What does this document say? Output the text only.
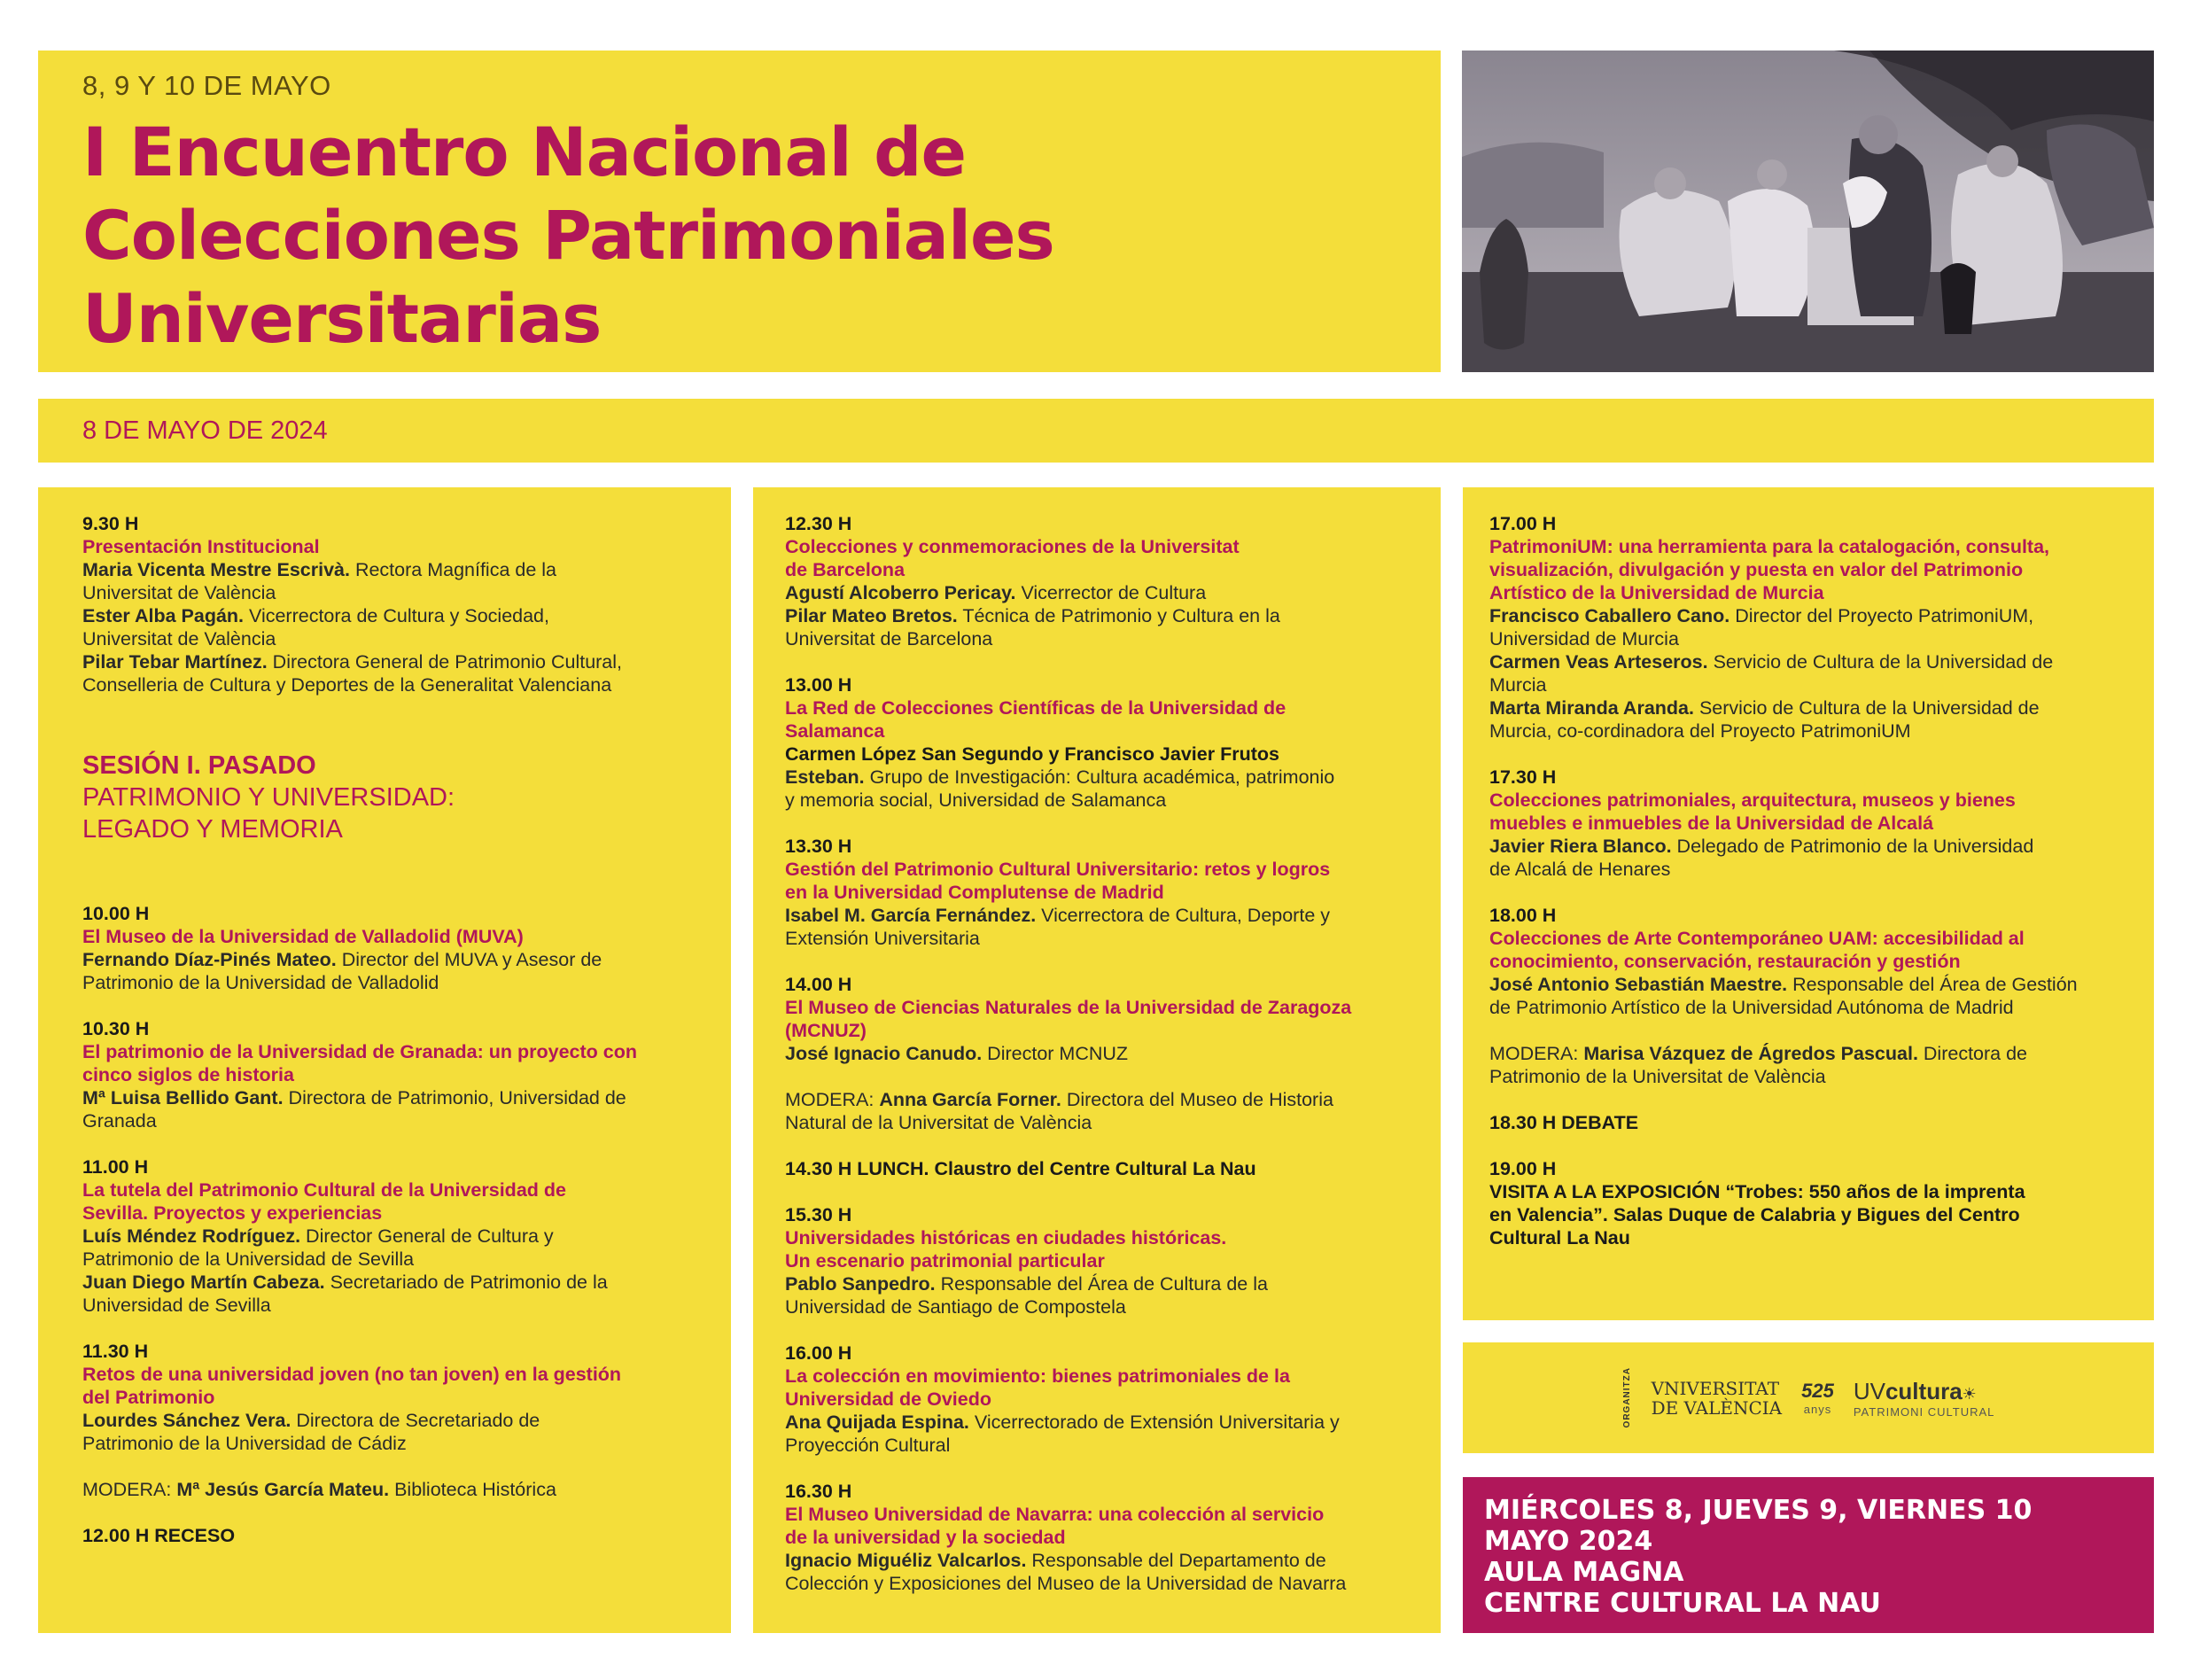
8, 9 Y 10 DE MAYO
I Encuentro Nacional de
Colecciones Patrimoniales
Universitarias
8 DE MAYO DE 2024
9.30 H
Presentación Institucional
Maria Vicenta Mestre Escrivà. Rectora Magnífica de la
Universitat de València
Ester Alba Pagán. Vicerrectora de Cultura y Sociedad,
Universitat de València
Pilar Tebar Martínez. Directora General de Patrimonio Cultural,
Conselleria de Cultura y Deportes de la Generalitat Valenciana
SESIÓN I. PASADO
PATRIMONIO Y UNIVERSIDAD:
LEGADO Y MEMORIA
10.00 H
El Museo de la Universidad de Valladolid (MUVA)
Fernando Díaz-Pinés Mateo. Director del MUVA y Asesor de
Patrimonio de la Universidad de Valladolid
10.30 H
El patrimonio de la Universidad de Granada: un proyecto con
cinco siglos de historia
Mª Luisa Bellido Gant. Directora de Patrimonio, Universidad de
Granada
11.00 H
La tutela del Patrimonio Cultural de la Universidad de
Sevilla. Proyectos y experiencias
Luís Méndez Rodríguez. Director General de Cultura y
Patrimonio de la Universidad de Sevilla
Juan Diego Martín Cabeza. Secretariado de Patrimonio de la
Universidad de Sevilla
11.30 H
Retos de una universidad joven (no tan joven) en la gestión
del Patrimonio
Lourdes Sánchez Vera. Directora de Secretariado de
Patrimonio de la Universidad de Cádiz
MODERA: Mª Jesús García Mateu. Biblioteca Histórica
12.00 H RECESO
12.30 H
Colecciones y conmemoraciones de la Universitat
de Barcelona
Agustí Alcoberro Pericay. Vicerrector de Cultura
Pilar Mateo Bretos. Técnica de Patrimonio y Cultura en la
Universitat de Barcelona
13.00 H
La Red de Colecciones Científicas de la Universidad de
Salamanca
Carmen López San Segundo y Francisco Javier Frutos
Esteban. Grupo de Investigación: Cultura académica, patrimonio
y memoria social, Universidad de Salamanca
13.30 H
Gestión del Patrimonio Cultural Universitario: retos y logros
en la Universidad Complutense de Madrid
Isabel M. García Fernández. Vicerrectora de Cultura, Deporte y
Extensión Universitaria
14.00 H
El Museo de Ciencias Naturales de la Universidad de Zaragoza
(MCNUZ)
José Ignacio Canudo. Director MCNUZ
MODERA: Anna García Forner. Directora del Museo de Historia
Natural de la Universitat de València
14.30 H LUNCH. Claustro del Centre Cultural La Nau
15.30 H
Universidades históricas en ciudades históricas.
Un escenario patrimonial particular
Pablo Sanpedro. Responsable del Área de Cultura de la
Universidad de Santiago de Compostela
16.00 H
La colección en movimiento: bienes patrimoniales de la
Universidad de Oviedo
Ana Quijada Espina. Vicerrectorado de Extensión Universitaria y
Proyección Cultural
16.30 H
El Museo Universidad de Navarra: una colección al servicio
de la universidad y la sociedad
Ignacio Miguéliz Valcarlos. Responsable del Departamento de
Colección y Exposiciones del Museo de la Universidad de Navarra
17.00 H
PatrimoniUM: una herramienta para la catalogación, consulta,
visualización, divulgación y puesta en valor del Patrimonio
Artístico de la Universidad de Murcia
Francisco Caballero Cano. Director del Proyecto PatrimoniUM,
Universidad de Murcia
Carmen Veas Arteseros. Servicio de Cultura de la Universidad de
Murcia
Marta Miranda Aranda. Servicio de Cultura de la Universidad de
Murcia, co-cordinadora del Proyecto PatrimoniUM
17.30 H
Colecciones patrimoniales, arquitectura, museos y bienes
muebles e inmuebles de la Universidad de Alcalá
Javier Riera Blanco. Delegado de Patrimonio de la Universidad
de Alcalá de Henares
18.00 H
Colecciones de Arte Contemporáneo UAM: accesibilidad al
conocimiento, conservación, restauración y gestión
José Antonio Sebastián Maestre. Responsable del Área de Gestión
de Patrimonio Artístico de la Universidad Autónoma de Madrid
MODERA: Marisa Vázquez de Ágredos Pascual. Directora de
Patrimonio de la Universitat de València
18.30 H DEBATE
19.00 H
VISITA A LA EXPOSICIÓN “Trobes: 550 años de la imprenta
en Valencia”. Salas Duque de Calabria y Bigues del Centro
Cultural La Nau
ORGANITZA VNIVERSITAT
DE VALÈNCIA
525
anys
UVcultura☀
PATRIMONI CULTURAL
MIÉRCOLES 8, JUEVES 9, VIERNES 10
MAYO 2024
AULA MAGNA
CENTRE CULTURAL LA NAU
